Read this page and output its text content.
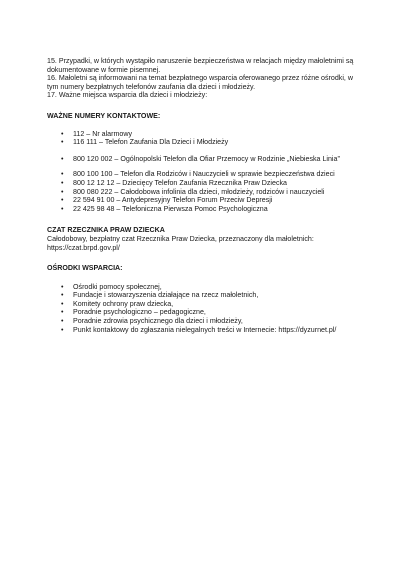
15. Przypadki, w których wystąpiło naruszenie bezpieczeństwa w relacjach między małoletnimi są dokumentowane w formie pisemnej.

16. Małoletni są informowani na temat bezpłatnego wsparcia oferowanego przez różne ośrodki, w tym numery bezpłatnych telefonów zaufania dla dzieci i młodzieży.

17. Ważne miejsca wsparcia dla dzieci i młodzieży:

WAŻNE NUMERY KONTAKTOWE:

• 112 – Nr alarmowy
• 116 111 – Telefon Zaufania Dla Dzieci i Młodzieży
• 800 120 002 – Ogólnopolski Telefon dla Ofiar Przemocy w Rodzinie „Niebieska Linia”
• 800 100 100 – Telefon dla Rodziców i Nauczycieli w sprawie bezpieczeństwa dzieci
• 800 12 12 12 – Dziecięcy Telefon Zaufania Rzecznika Praw Dziecka
• 800 080 222 – Całodobowa infolinia dla dzieci, młodzieży, rodziców i nauczycieli
• 22 594 91 00 – Antydepresyjny Telefon Forum Przeciw Depresji
• 22 425 98 48 – Telefoniczna Pierwsza Pomoc Psychologiczna

CZAT RZECZNIKA PRAW DZIECKA

Całodobowy, bezpłatny czat Rzecznika Praw Dziecka, przeznaczony dla małoletnich:

https://czat.brpd.gov.pl/

OŚRODKI WSPARCIA:

• Ośrodki pomocy społecznej,
• Fundacje i stowarzyszenia działające na rzecz małoletnich,
• Komitety ochrony praw dziecka,
• Poradnie psychologiczno – pedagogiczne,
• Poradnie zdrowia psychicznego dla dzieci i młodzieży,
• Punkt kontaktowy do zgłaszania nielegalnych treści w Internecie: https://dyzurnet.pl/
